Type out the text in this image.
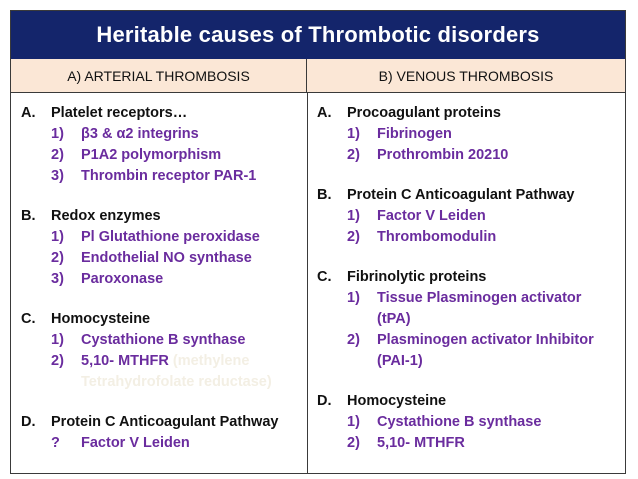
Heritable causes of Thrombotic disorders
A) ARTERIAL THROMBOSIS	B) VENOUS THROMBOSIS
A.	Platelet receptors…
1)	β3 & α2 integrins
2)	P1A2 polymorphism
3)	Thrombin receptor PAR-1
B.	Redox enzymes
1)	Pl Glutathione peroxidase
2)	Endothelial NO synthase
3)	Paroxonase
C.	Homocysteine
1)	Cystathione B synthase
2)	5,10- MTHFR (methylene
Tetrahydrofolate reductase)
D.	Protein C Anticoagulant Pathway
?	Factor V Leiden
A.	Procoagulant proteins
1)	Fibrinogen
2)	Prothrombin 20210
B.	Protein C Anticoagulant Pathway
1)	Factor V Leiden
2)	Thrombomodulin
C.	Fibrinolytic proteins
1)	Tissue Plasminogen activator
(tPA)
2)	Plasminogen activator Inhibitor
(PAI-1)
D.	Homocysteine
1)	Cystathione B synthase
2)	5,10- MTHFR
